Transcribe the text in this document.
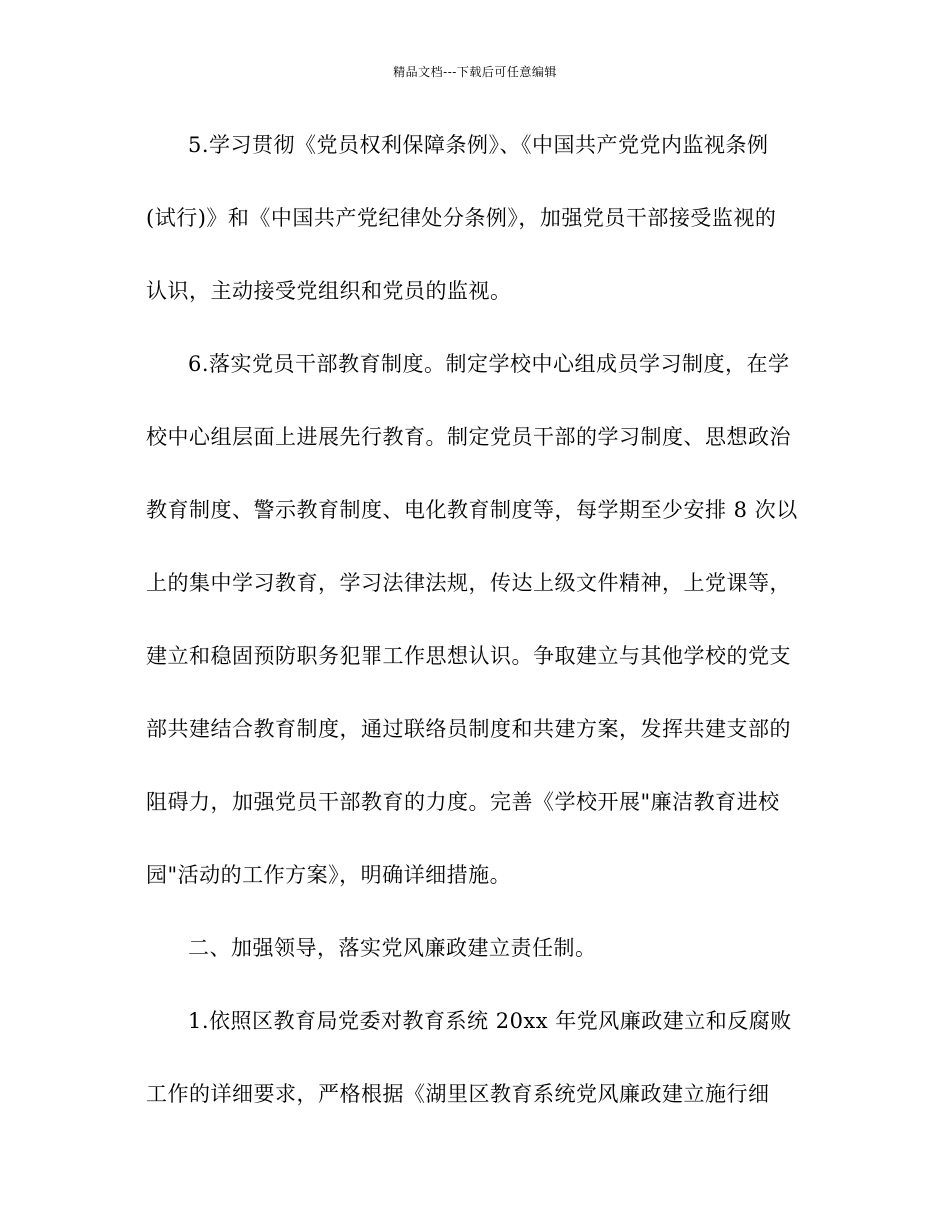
精品文档---下载后可任意编辑
5.学习贯彻《党员权利保障条例》、《中国共产党党内监视条例
(试行)》和《中国共产党纪律处分条例》，加强党员干部接受监视的
认识，主动接受党组织和党员的监视。
6.落实党员干部教育制度。制定学校中心组成员学习制度，在学
校中心组层面上进展先行教育。制定党员干部的学习制度、思想政治
教育制度、警示教育制度、电化教育制度等，每学期至少安排 8 次以
上的集中学习教育，学习法律法规，传达上级文件精神，上党课等，
建立和稳固预防职务犯罪工作思想认识。争取建立与其他学校的党支
部共建结合教育制度，通过联络员制度和共建方案，发挥共建支部的
阻碍力，加强党员干部教育的力度。完善《学校开展"廉洁教育进校
园"活动的工作方案》，明确详细措施。
二、加强领导，落实党风廉政建立责任制。
1.依照区教育局党委对教育系统 20xx 年党风廉政建立和反腐败
工作的详细要求，严格根据《湖里区教育系统党风廉政建立施行细
